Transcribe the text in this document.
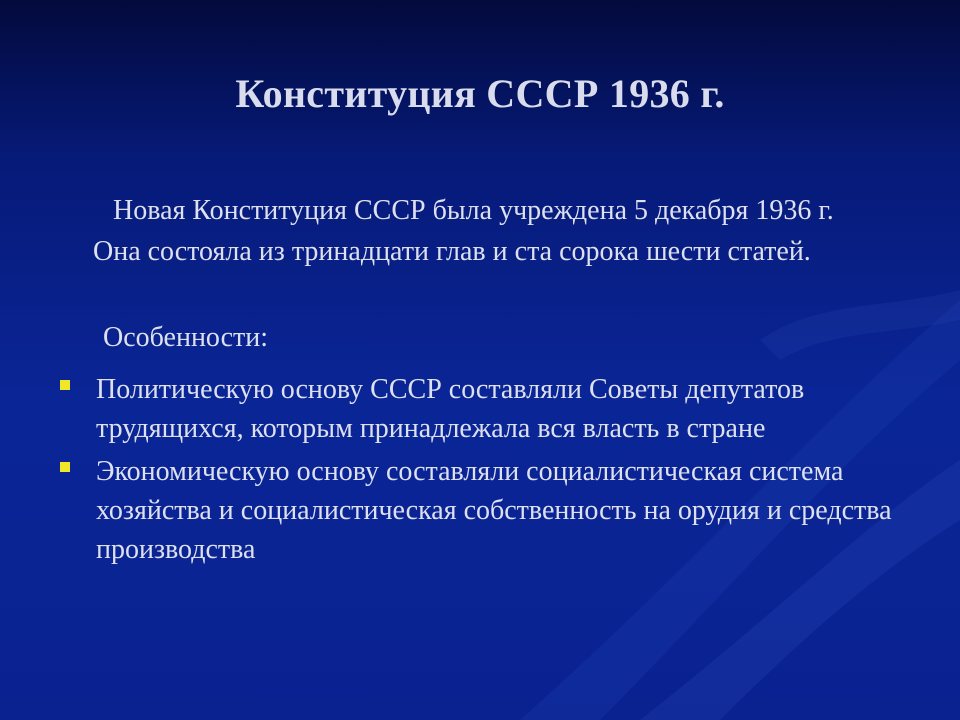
Конституция СССР 1936 г.
Новая Конституция СССР была учреждена 5 декабря 1936 г. Она состояла из тринадцати глав и ста сорока шести статей.
Особенности:
Политическую основу СССР составляли Советы депутатов трудящихся, которым принадлежала вся власть в стране
Экономическую основу составляли социалистическая система хозяйства и социалистическая собственность на орудия и средства производства
